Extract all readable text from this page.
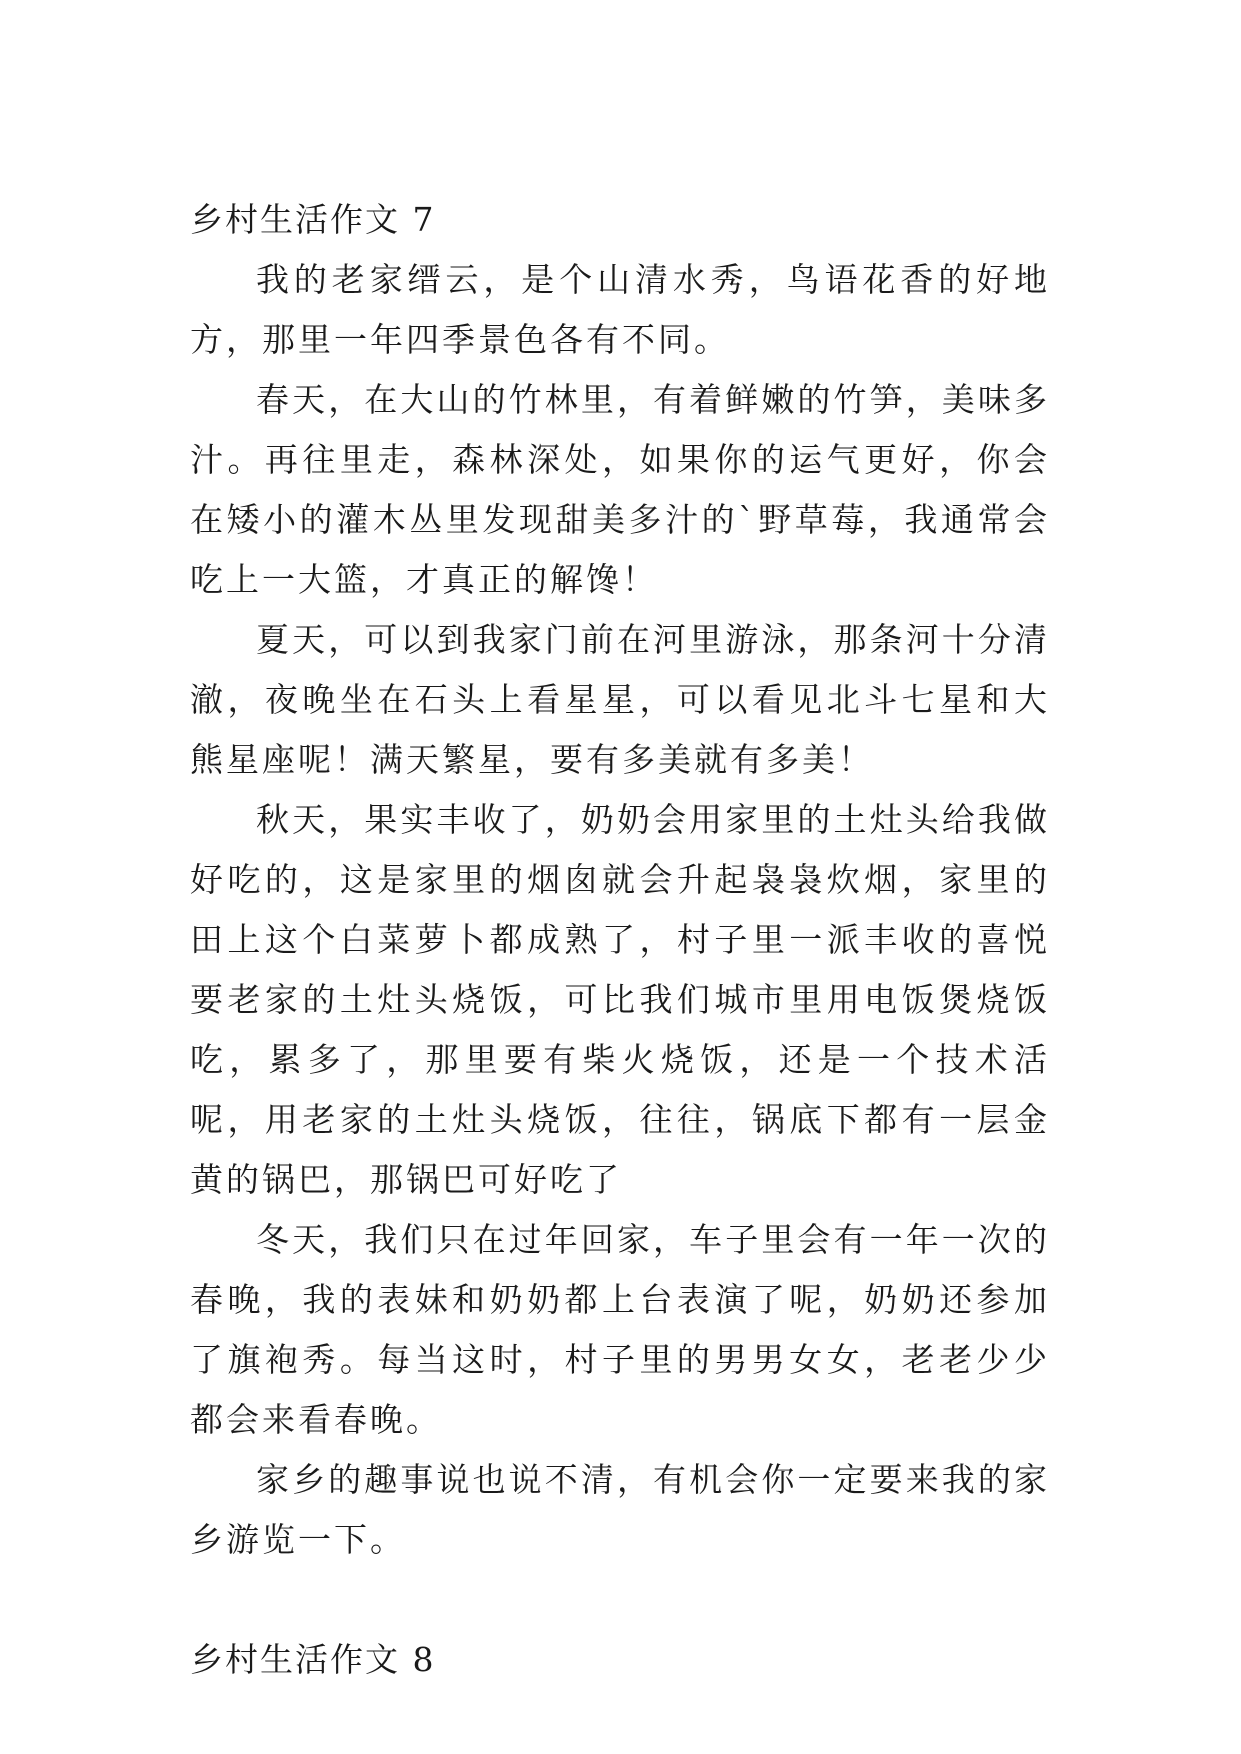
乡村生活作文 7

我的老家缙云，是个山清水秀，鸟语花香的好地方，那里一年四季景色各有不同。

春天，在大山的竹林里，有着鲜嫩的竹笋，美味多汁。再往里走，森林深处，如果你的运气更好，你会在矮小的灌木丛里发现甜美多汁的`野草莓，我通常会吃上一大篮，才真正的解馋！

夏天，可以到我家门前在河里游泳，那条河十分清澈，夜晚坐在石头上看星星，可以看见北斗七星和大熊星座呢！满天繁星，要有多美就有多美！

秋天，果实丰收了，奶奶会用家里的土灶头给我做好吃的，这是家里的烟囱就会升起袅袅炊烟，家里的田上这个白菜萝卜都成熟了，村子里一派丰收的喜悦要老家的土灶头烧饭，可比我们城市里用电饭煲烧饭吃，累多了，那里要有柴火烧饭，还是一个技术活呢，用老家的土灶头烧饭，往往，锅底下都有一层金黄的锅巴，那锅巴可好吃了

冬天，我们只在过年回家，车子里会有一年一次的春晚，我的表妹和奶奶都上台表演了呢，奶奶还参加了旗袍秀。每当这时，村子里的男男女女，老老少少都会来看春晚。

家乡的趣事说也说不清，有机会你一定要来我的家乡游览一下。

乡村生活作文 8
